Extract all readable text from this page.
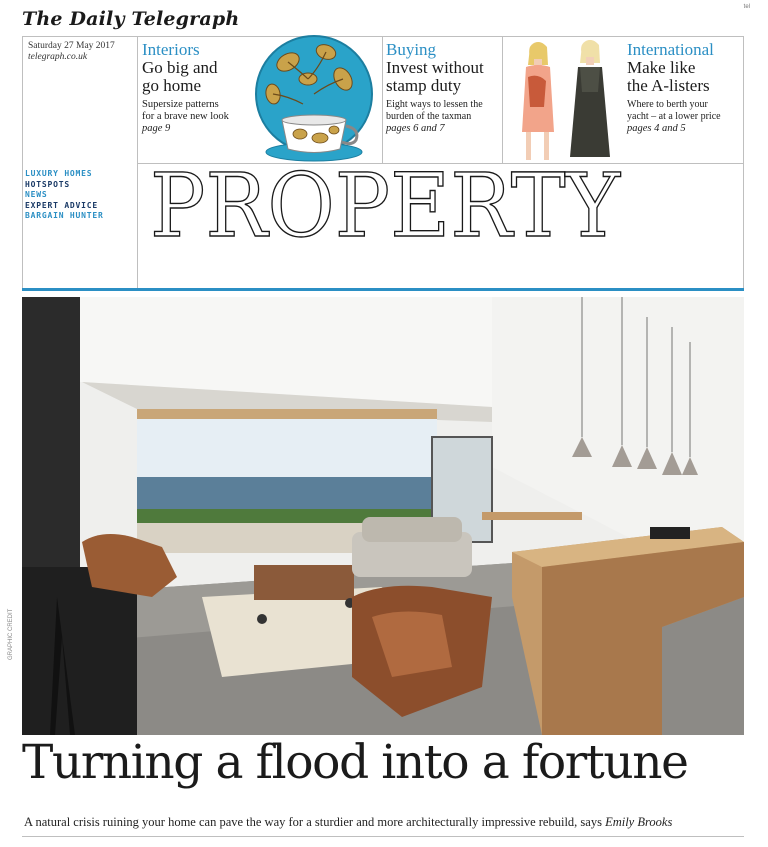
The Daily Telegraph
tel
Saturday 27 May 2017
telegraph.co.uk	Interiors
Go big and
go home
Supersize patterns
for a brave new look
page 9
Buying
Invest without
stamp duty
Eight ways to lessen the
burden of the taxman
pages 6 and 7
International
Make like
the A-listers
Where to berth your
yacht – at a lower price
pages 4 and 5
LUXURY HOMES
HOTSPOTS
NEWS
EXPERT ADVICE
BARGAIN HUNTER PROPERTY
GRAPHIC CREDIT
Turning a flood into a fortune
A natural crisis ruining your home can pave the way for a sturdier and more architecturally impressive rebuild, says Emily Brooks
